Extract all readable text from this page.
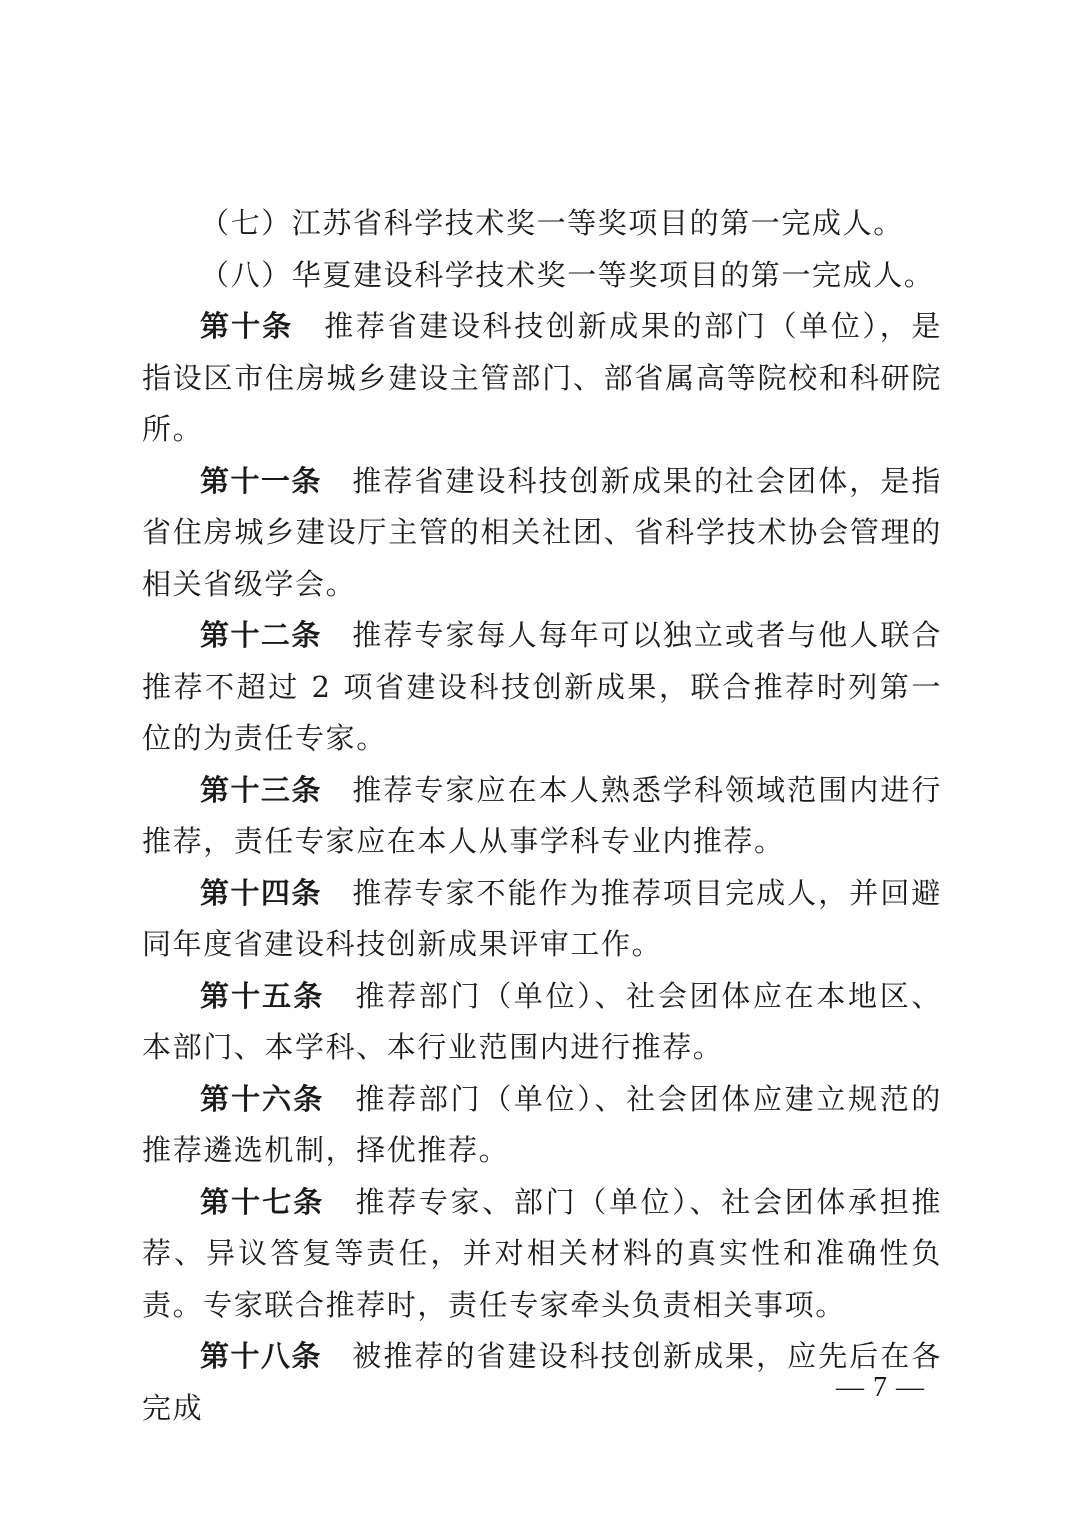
（七）江苏省科学技术奖一等奖项目的第一完成人。

（八）华夏建设科学技术奖一等奖项目的第一完成人。

第十条 推荐省建设科技创新成果的部门（单位），是指设区市住房城乡建设主管部门、部省属高等院校和科研院所。

第十一条 推荐省建设科技创新成果的社会团体，是指省住房城乡建设厅主管的相关社团、省科学技术协会管理的相关省级学会。

第十二条 推荐专家每人每年可以独立或者与他人联合推荐不超过 2 项省建设科技创新成果，联合推荐时列第一位的为责任专家。

第十三条 推荐专家应在本人熟悉学科领域范围内进行推荐，责任专家应在本人从事学科专业内推荐。

第十四条 推荐专家不能作为推荐项目完成人，并回避同年度省建设科技创新成果评审工作。

第十五条 推荐部门（单位）、社会团体应在本地区、本部门、本学科、本行业范围内进行推荐。

第十六条 推荐部门（单位）、社会团体应建立规范的推荐遴选机制，择优推荐。

第十七条 推荐专家、部门（单位）、社会团体承担推荐、异议答复等责任，并对相关材料的真实性和准确性负责。专家联合推荐时，责任专家牵头负责相关事项。

第十八条 被推荐的省建设科技创新成果，应先后在各完成

— 7 —
